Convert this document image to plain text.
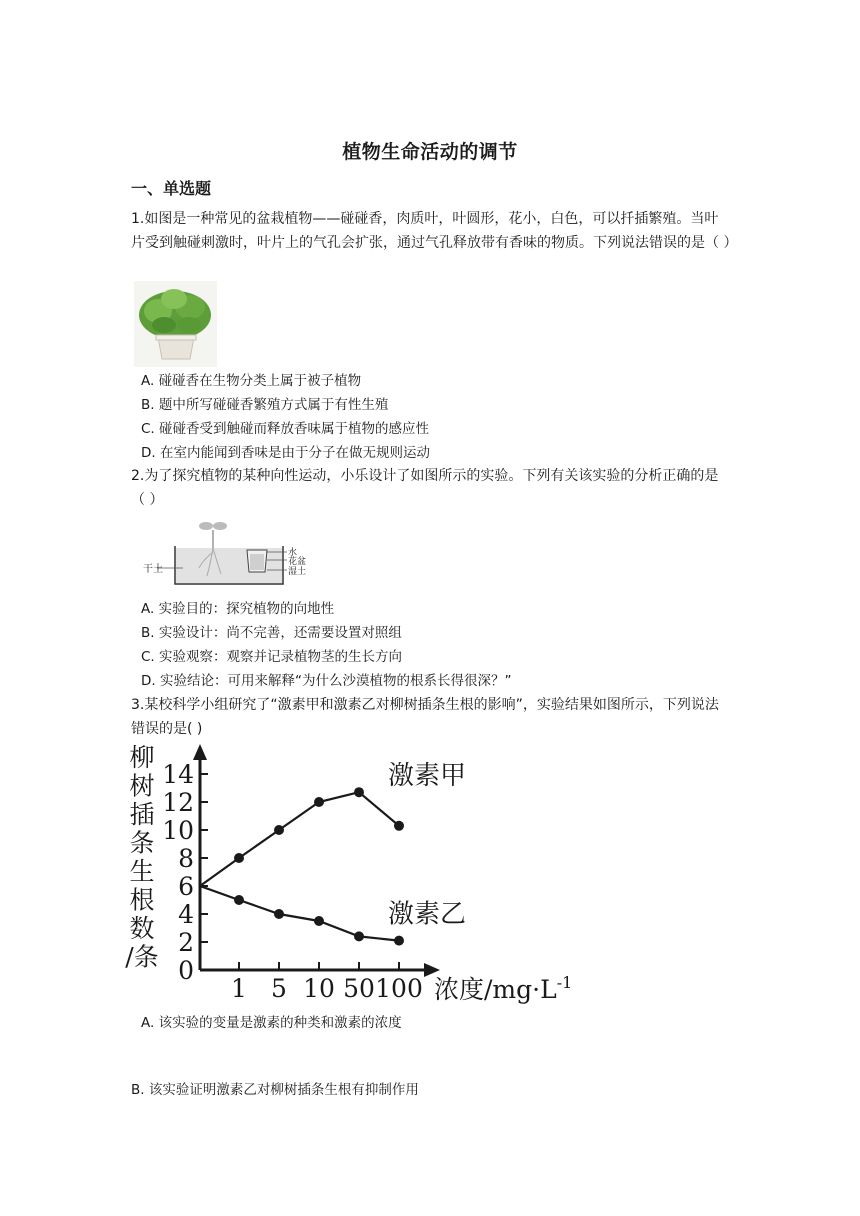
植物生命活动的调节
一、单选题
1.如图是一种常见的盆栽植物——碰碰香，肉质叶，叶圆形，花小，白色，可以扦插繁殖。当叶片受到触碰刺激时，叶片上的气孔会扩张，通过气孔释放带有香味的物质。下列说法错误的是（ ）
A. 碰碰香在生物分类上属于被子植物
B. 题中所写碰碰香繁殖方式属于有性生殖
C. 碰碰香受到触碰而释放香味属于植物的感应性
D. 在室内能闻到香味是由于分子在做无规则运动
2.为了探究植物的某种向性运动，小乐设计了如图所示的实验。下列有关该实验的分析正确的是（ ）
干土
水
花盆
湿土
A. 实验目的：探究植物的向地性
B. 实验设计：尚不完善，还需要设置对照组
C. 实验观察：观察并记录植物茎的生长方向
D. 实验结论：可用来解释“为什么沙漠植物的根系长得很深？”
3.某校科学小组研究了“激素甲和激素乙对柳树插条生根的影响”，实验结果如图所示，下列说法错误的是( )
柳
树
插
条
生
根
数
/条 0
2
4
6
8
10
12
14
1 5 10 50 100
激素甲
激素乙
浓度$/mg\cdot L^{-1}$
A. 该实验的变量是激素的种类和激素的浓度
B. 该实验证明激素乙对柳树插条生根有抑制作用
